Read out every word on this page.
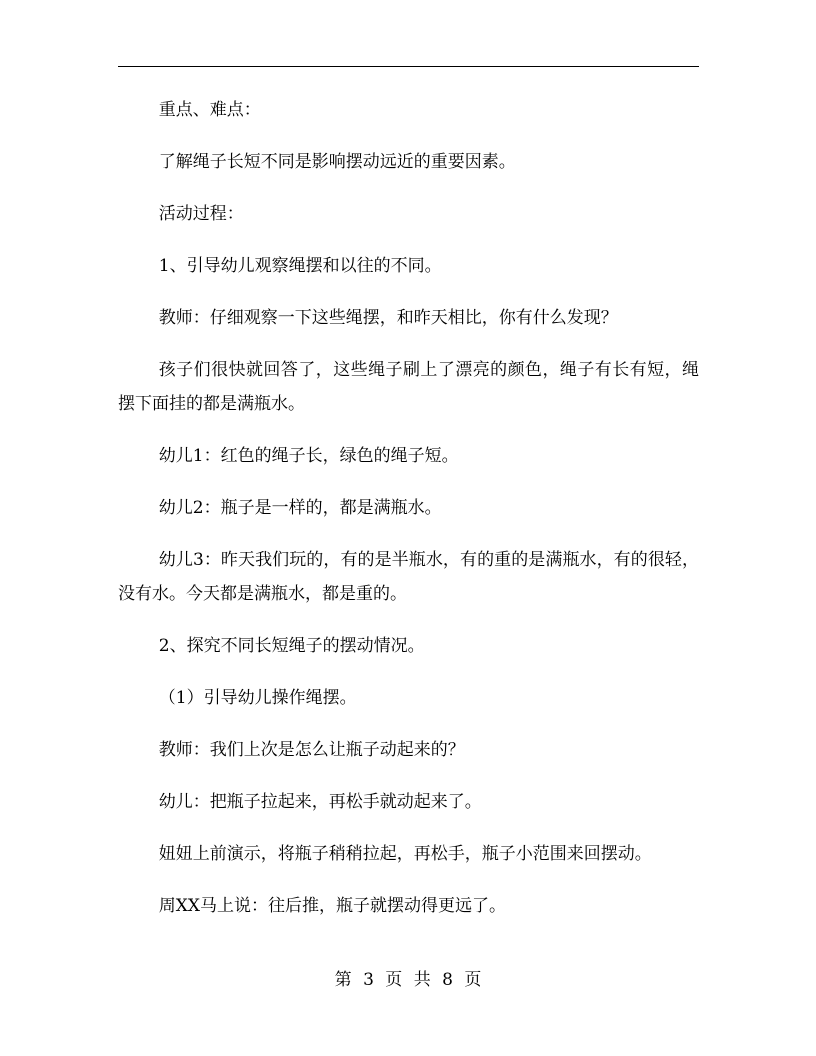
重点、难点：

了解绳子长短不同是影响摆动远近的重要因素。

活动过程：

1、引导幼儿观察绳摆和以往的不同。

教师：仔细观察一下这些绳摆，和昨天相比，你有什么发现？

孩子们很快就回答了，这些绳子刷上了漂亮的颜色，绳子有长有短，绳摆下面挂的都是满瓶水。

幼儿1：红色的绳子长，绿色的绳子短。

幼儿2：瓶子是一样的，都是满瓶水。

幼儿3：昨天我们玩的，有的是半瓶水，有的重的是满瓶水，有的很轻，没有水。今天都是满瓶水，都是重的。

2、探究不同长短绳子的摆动情况。

（1）引导幼儿操作绳摆。

教师：我们上次是怎么让瓶子动起来的？

幼儿：把瓶子拉起来，再松手就动起来了。

妞妞上前演示，将瓶子稍稍拉起，再松手，瓶子小范围来回摆动。

周XX马上说：往后推，瓶子就摆动得更远了。

第 3 页 共 8 页
